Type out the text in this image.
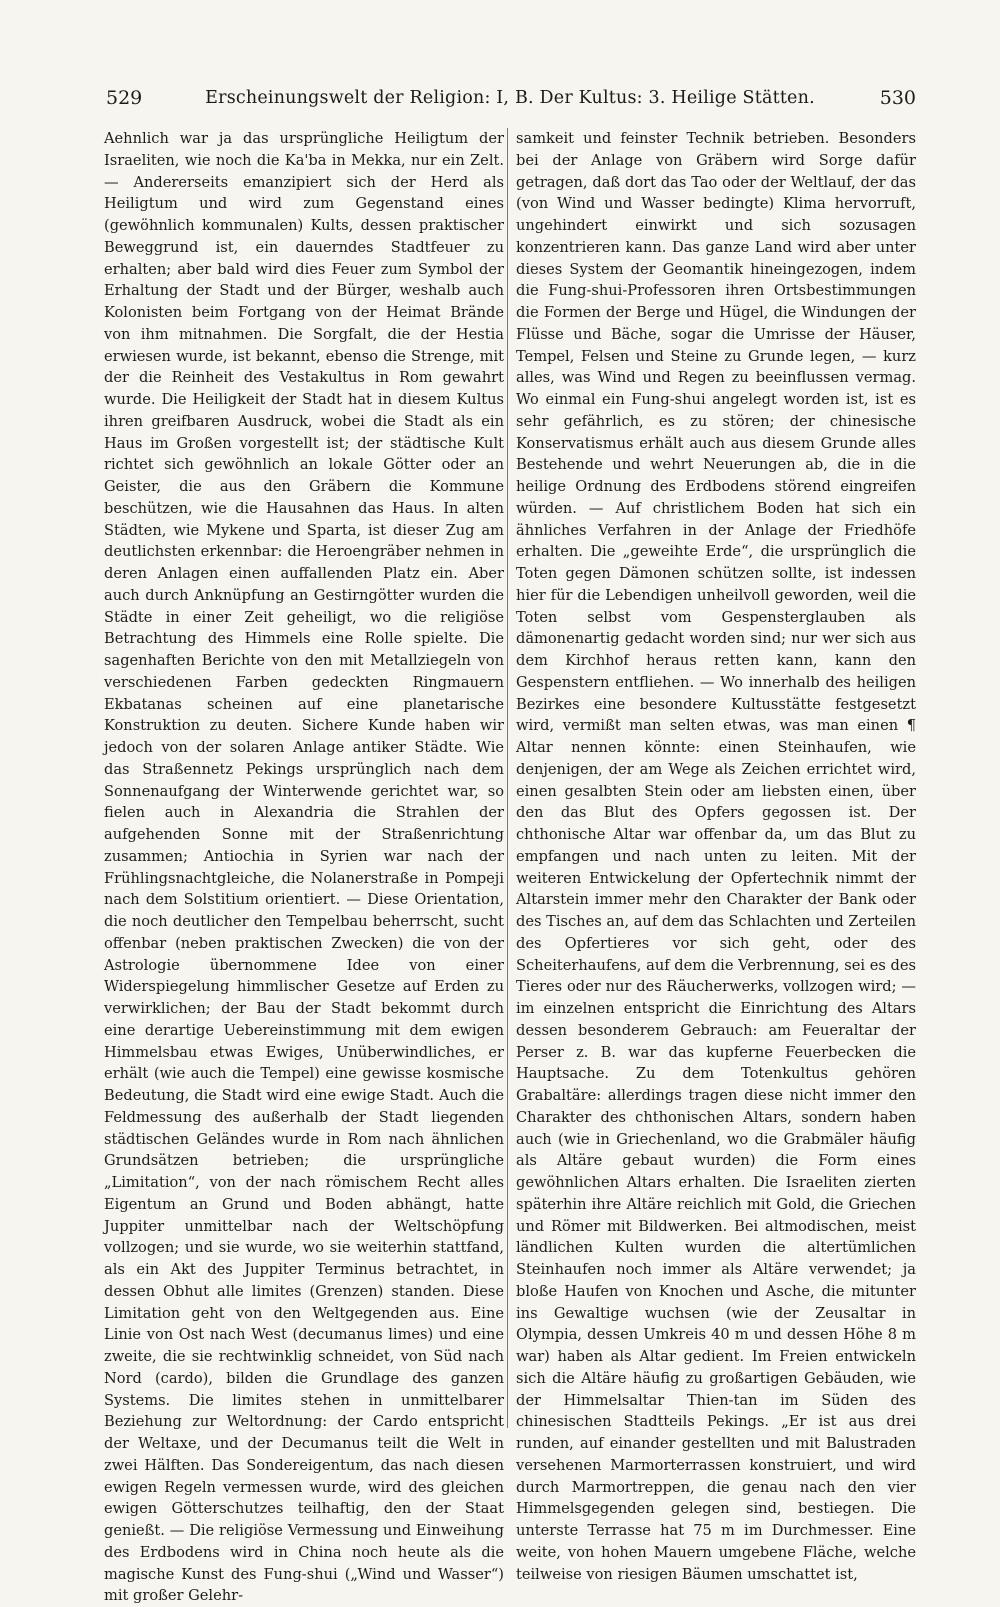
529	Erscheinungswelt der Religion: I, B. Der Kultus: 3. Heilige Stätten.	530

Aehnlich war ja das ursprüngliche Heiligtum der Israeliten, wie noch die Ka'ba in Mekka, nur ein Zelt. — Andererseits emanzipiert sich der Herd als Heiligtum und wird zum Gegenstand eines (gewöhnlich kommunalen) Kults, dessen praktischer Beweggrund ist, ein dauerndes Stadtfeuer zu erhalten; aber bald wird dies Feuer zum Symbol der Erhaltung der Stadt und der Bürger, weshalb auch Kolonisten beim Fortgang von der Heimat Brände von ihm mitnahmen. Die Sorgfalt, die der Hestia erwiesen wurde, ist bekannt, ebenso die Strenge, mit der die Reinheit des Vestakultus in Rom gewahrt wurde. Die Heiligkeit der Stadt hat in diesem Kultus ihren greifbaren Ausdruck, wobei die Stadt als ein Haus im Großen vorgestellt ist; der städtische Kult richtet sich gewöhnlich an lokale Götter oder an Geister, die aus den Gräbern die Kommune beschützen, wie die Hausahnen das Haus. In alten Städten, wie Mykene und Sparta, ist dieser Zug am deutlichsten erkennbar: die Heroengräber nehmen in deren Anlagen einen auffallenden Platz ein. Aber auch durch Anknüpfung an Gestirngötter wurden die Städte in einer Zeit geheiligt, wo die religiöse Betrachtung des Himmels eine Rolle spielte. Die sagenhaften Berichte von den mit Metallziegeln von verschiedenen Farben gedeckten Ringmauern Ekbatanas scheinen auf eine planetarische Konstruktion zu deuten. Sichere Kunde haben wir jedoch von der solaren Anlage antiker Städte. Wie das Straßennetz Pekings ursprünglich nach dem Sonnenaufgang der Winterwende gerichtet war, so fielen auch in Alexandria die Strahlen der aufgehenden Sonne mit der Straßenrichtung zusammen; Antiochia in Syrien war nach der Frühlingsnachtgleiche, die Nolanerstraße in Pompeji nach dem Solstitium orientiert. — Diese Orientation, die noch deutlicher den Tempelbau beherrscht, sucht offenbar (neben praktischen Zwecken) die von der Astrologie übernommene Idee von einer Widerspiegelung himmlischer Gesetze auf Erden zu verwirklichen; der Bau der Stadt bekommt durch eine derartige Uebereinstimmung mit dem ewigen Himmelsbau etwas Ewiges, Unüberwindliches, er erhält (wie auch die Tempel) eine gewisse kosmische Bedeutung, die Stadt wird eine ewige Stadt. Auch die Feldmessung des außerhalb der Stadt liegenden städtischen Geländes wurde in Rom nach ähnlichen Grundsätzen betrieben; die ursprüngliche „Limitation“, von der nach römischem Recht alles Eigentum an Grund und Boden abhängt, hatte Juppiter unmittelbar nach der Weltschöpfung vollzogen; und sie wurde, wo sie weiterhin stattfand, als ein Akt des Juppiter Terminus betrachtet, in dessen Obhut alle limites (Grenzen) standen. Diese Limitation geht von den Weltgegenden aus. Eine Linie von Ost nach West (decumanus limes) und eine zweite, die sie rechtwinklig schneidet, von Süd nach Nord (cardo), bilden die Grundlage des ganzen Systems. Die limites stehen in unmittelbarer Beziehung zur Weltordnung: der Cardo entspricht der Weltaxe, und der Decumanus teilt die Welt in zwei Hälften. Das Sondereigentum, das nach diesen ewigen Regeln vermessen wurde, wird des gleichen ewigen Götterschutzes teilhaftig, den der Staat genießt. — Die religiöse Vermessung und Einweihung des Erdbodens wird in China noch heute als die magische Kunst des Fung-shui („Wind und Wasser“) mit großer Gelehr-

samkeit und feinster Technik betrieben. Besonders bei der Anlage von Gräbern wird Sorge dafür getragen, daß dort das Tao oder der Weltlauf, der das (von Wind und Wasser bedingte) Klima hervorruft, ungehindert einwirkt und sich sozusagen konzentrieren kann. Das ganze Land wird aber unter dieses System der Geomantik hineingezogen, indem die Fung-shui-Professoren ihren Ortsbestimmungen die Formen der Berge und Hügel, die Windungen der Flüsse und Bäche, sogar die Umrisse der Häuser, Tempel, Felsen und Steine zu Grunde legen, — kurz alles, was Wind und Regen zu beeinflussen vermag. Wo einmal ein Fung-shui angelegt worden ist, ist es sehr gefährlich, es zu stören; der chinesische Konservatismus erhält auch aus diesem Grunde alles Bestehende und wehrt Neuerungen ab, die in die heilige Ordnung des Erdbodens störend eingreifen würden. — Auf christlichem Boden hat sich ein ähnliches Verfahren in der Anlage der Friedhöfe erhalten. Die „geweihte Erde“, die ursprünglich die Toten gegen Dämonen schützen sollte, ist indessen hier für die Lebendigen unheilvoll geworden, weil die Toten selbst vom Gespensterglauben als dämonenartig gedacht worden sind; nur wer sich aus dem Kirchhof heraus retten kann, kann den Gespenstern entfliehen. — Wo innerhalb des heiligen Bezirkes eine besondere Kultusstätte festgesetzt wird, vermißt man selten etwas, was man einen ¶ Altar nennen könnte: einen Steinhaufen, wie denjenigen, der am Wege als Zeichen errichtet wird, einen gesalbten Stein oder am liebsten einen, über den das Blut des Opfers gegossen ist. Der chthonische Altar war offenbar da, um das Blut zu empfangen und nach unten zu leiten. Mit der weiteren Entwickelung der Opfertechnik nimmt der Altarstein immer mehr den Charakter der Bank oder des Tisches an, auf dem das Schlachten und Zerteilen des Opfertieres vor sich geht, oder des Scheiterhaufens, auf dem die Verbrennung, sei es des Tieres oder nur des Räucherwerks, vollzogen wird; — im einzelnen entspricht die Einrichtung des Altars dessen besonderem Gebrauch: am Feueraltar der Perser z. B. war das kupferne Feuerbecken die Hauptsache. Zu dem Totenkultus gehören Grabaltäre: allerdings tragen diese nicht immer den Charakter des chthonischen Altars, sondern haben auch (wie in Griechenland, wo die Grabmäler häufig als Altäre gebaut wurden) die Form eines gewöhnlichen Altars erhalten. Die Israeliten zierten späterhin ihre Altäre reichlich mit Gold, die Griechen und Römer mit Bildwerken. Bei altmodischen, meist ländlichen Kulten wurden die altertümlichen Steinhaufen noch immer als Altäre verwendet; ja bloße Haufen von Knochen und Asche, die mitunter ins Gewaltige wuchsen (wie der Zeusaltar in Olympia, dessen Umkreis 40 m und dessen Höhe 8 m war) haben als Altar gedient. Im Freien entwickeln sich die Altäre häufig zu großartigen Gebäuden, wie der Himmelsaltar Thien-tan im Süden des chinesischen Stadtteils Pekings. „Er ist aus drei runden, auf einander gestellten und mit Balustraden versehenen Marmorterrassen konstruiert, und wird durch Marmortreppen, die genau nach den vier Himmelsgegenden gelegen sind, bestiegen. Die unterste Terrasse hat 75 m im Durchmesser. Eine weite, von hohen Mauern umgebene Fläche, welche teilweise von riesigen Bäumen umschattet ist,
